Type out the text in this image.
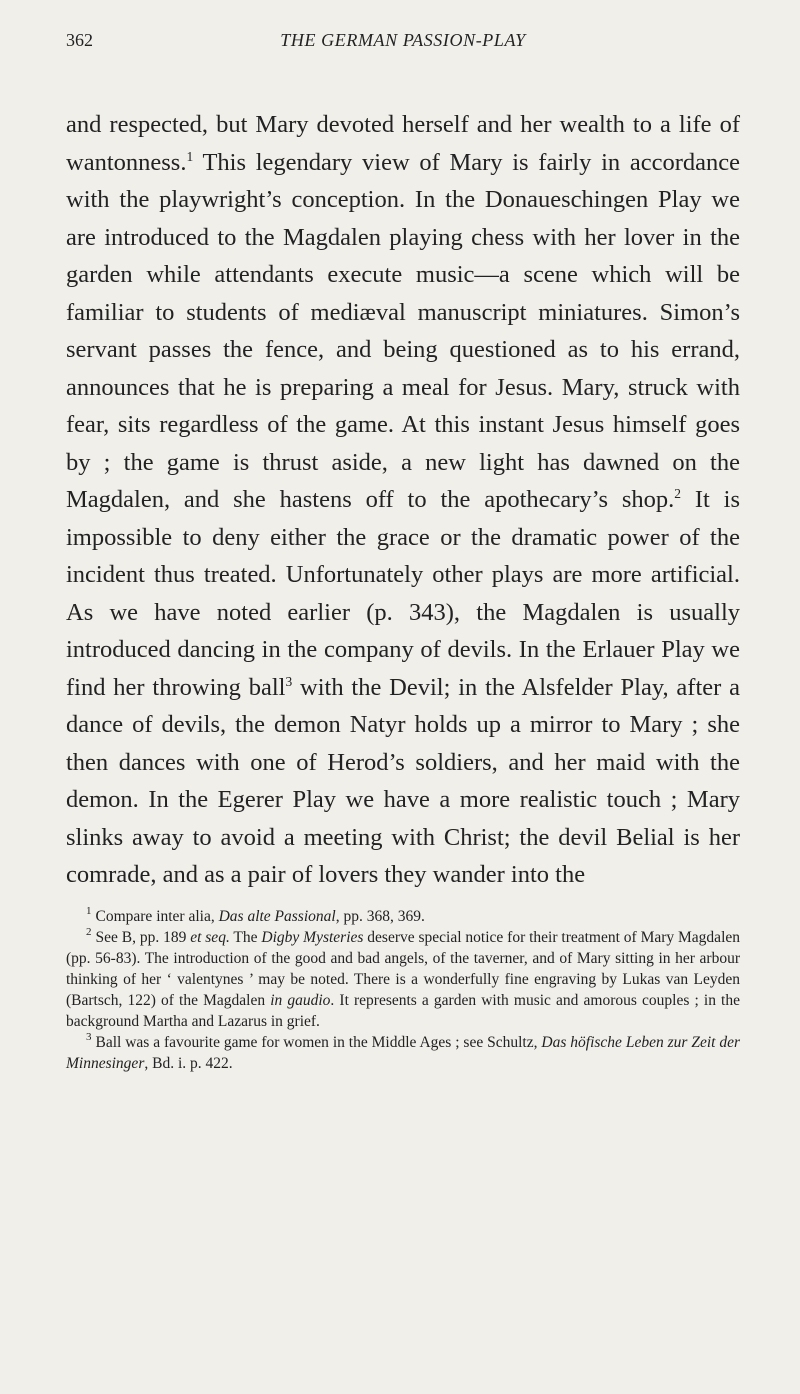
362	THE GERMAN PASSION-PLAY
and respected, but Mary devoted herself and her wealth to a life of wantonness.$^1$ This legendary view of Mary is fairly in accordance with the playwright’s conception. In the Donaueschingen Play we are introduced to the Magdalen playing chess with her lover in the garden while attendants execute music—a scene which will be familiar to students of mediæval manuscript miniatures. Simon’s servant passes the fence, and being questioned as to his errand, announces that he is preparing a meal for Jesus. Mary, struck with fear, sits regardless of the game. At this instant Jesus himself goes by ; the game is thrust aside, a new light has dawned on the Magdalen, and she hastens off to the apothecary’s shop.$^2$ It is impossible to deny either the grace or the dramatic power of the incident thus treated. Unfortunately other plays are more artificial. As we have noted earlier (p. 343), the Magdalen is usually introduced dancing in the company of devils. In the Erlauer Play we find her throwing ball$^3$ with the Devil; in the Alsfelder Play, after a dance of devils, the demon Natyr holds up a mirror to Mary ; she then dances with one of Herod’s soldiers, and her maid with the demon. In the Egerer Play we have a more realistic touch ; Mary slinks away to avoid a meeting with Christ; the devil Belial is her comrade, and as a pair of lovers they wander into the
$^1$ Compare inter alia, Das alte Passional, pp. 368, 369.
$^2$ See B, pp. 189 et seq. The Digby Mysteries deserve special notice for their treatment of Mary Magdalen (pp. 56-83). The introduction of the good and bad angels, of the taverner, and of Mary sitting in her arbour thinking of her ‘ valentynes ’ may be noted. There is a wonderfully fine engraving by Lukas van Leyden (Bartsch, 122) of the Magdalen in gaudio. It represents a garden with music and amorous couples ; in the background Martha and Lazarus in grief.
$^3$ Ball was a favourite game for women in the Middle Ages ; see Schultz, Das höfische Leben zur Zeit der Minnesinger, Bd. i. p. 422.
